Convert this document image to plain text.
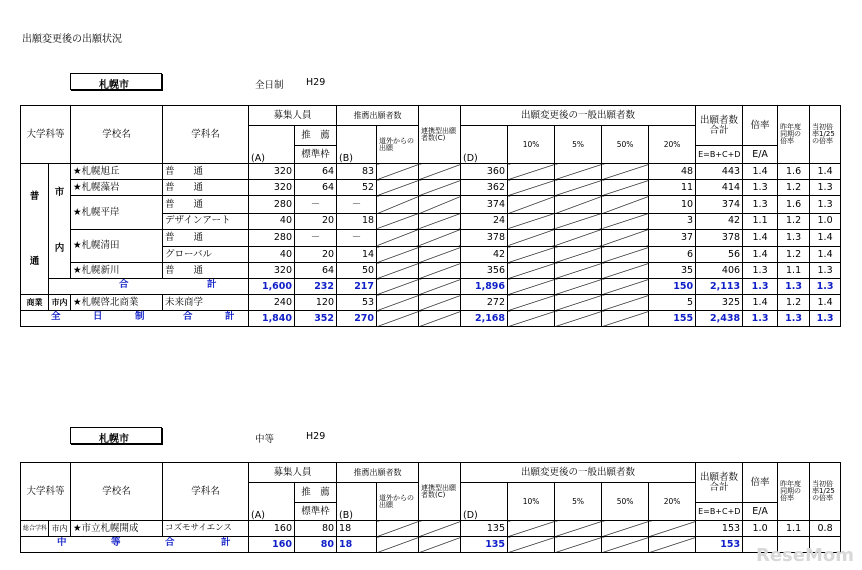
出願変更後の出願状況
札幌市	全日制 H29
大学科等		学校名	学科名	募集人員		推薦出願者数		連携型出願者数(C)	出願変更後の一般出願者数					出願者数合計	倍率	昨年度同期の倍率	当初倍率1/25の倍率
				(A)	推　薦	(B)	道外からの出願		(D)	10%	5%	50%	20%				
					標準枠									E=B+C+D	E/A		

普
通	市
内	★札幌旭丘	普　　通	320	64	83			360				48	443	1.4	1.6	1.4
		★札幌藻岩	普　　通	320	64	52			362				11	414	1.3	1.2	1.3
		★札幌平岸	普　　通	280	－	－			374				10	374	1.3	1.6	1.3
			デザインアート	40	20	18			24				3	42	1.1	1.2	1.0
		★札幌清田	普　　通	280	－	－			378				37	378	1.4	1.3	1.4
			グローバル	40	20	14			42				6	56	1.4	1.2	1.4
		★札幌新川	普　　通	320	64	50			356				35	406	1.3	1.1	1.3

	合 計			1,600	232	217			1,896				150	2,113	1.3	1.3	1.3
商業	市内	★札幌啓北商業	未来商学	240	120	53			272				5	325	1.4	1.2	1.4

全 日 制 合 計				1,840	352	270			2,168				155	2,438	1.3	1.3	1.3
札幌市	中等	H29
大学科等		学校名	学科名	募集人員		推薦出願者数		連携型出願者数(C)	出願変更後の一般出願者数					出願者数合計	倍率	昨年度同期の倍率	当初倍率1/25の倍率
				(A)	推　薦	(B)	道外からの出願		(D)	10%	5%	50%	20%				
					標準枠									E=B+C+D	E/A		
総合学科	市内	★市立札幌開成	コズモサイエンス	160	80	18			135					153	1.0	1.1	0.8

中 等 合 計				160	80	18			135					153			
ReseMom
